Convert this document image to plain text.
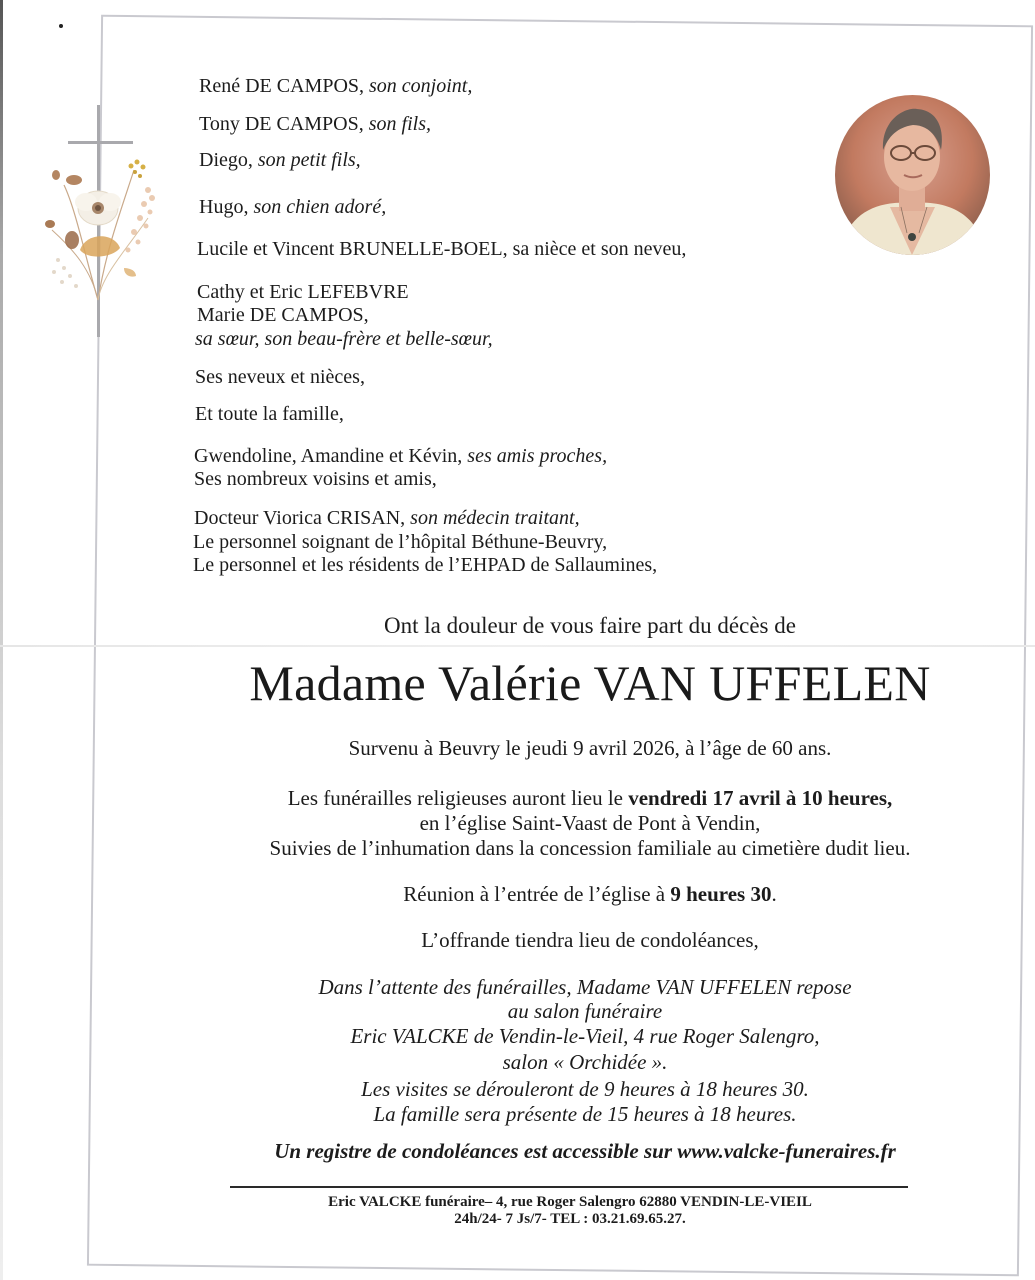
René DE CAMPOS, son conjoint,
Tony DE CAMPOS, son fils,
Diego, son petit fils,
Hugo, son chien adoré,
Lucile et Vincent BRUNELLE-BOEL, sa nièce et son neveu,
Cathy et Eric LEFEBVRE
Marie DE CAMPOS,
sa sœur, son beau-frère et belle-sœur,
Ses neveux et nièces,
Et toute la famille,
Gwendoline, Amandine et Kévin, ses amis proches,
Ses nombreux voisins et amis,
Docteur Viorica CRISAN, son médecin traitant,
Le personnel soignant de l’hôpital Béthune-Beuvry,
Le personnel et les résidents de l’EHPAD de Sallaumines,
Ont la douleur de vous faire part du décès de
Madame Valérie VAN UFFELEN
Survenu à Beuvry le jeudi 9 avril 2026, à l’âge de 60 ans.
Les funérailles religieuses auront lieu le vendredi 17 avril à 10 heures,
en l’église Saint-Vaast de Pont à Vendin,
Suivies de l’inhumation dans la concession familiale au cimetière dudit lieu.
Réunion à l’entrée de l’église à 9 heures 30.
L’offrande tiendra lieu de condoléances,
Dans l’attente des funérailles, Madame VAN UFFELEN repose
au salon funéraire
Eric VALCKE de Vendin-le-Vieil, 4 rue Roger Salengro,
salon « Orchidée ».
Les visites se dérouleront de 9 heures à 18 heures 30.
La famille sera présente de 15 heures à 18 heures.
Un registre de condoléances est accessible sur www.valcke-funeraires.fr
Eric VALCKE funéraire– 4, rue Roger Salengro 62880 VENDIN-LE-VIEIL
24h/24- 7 Js/7- TEL : 03.21.69.65.27.
